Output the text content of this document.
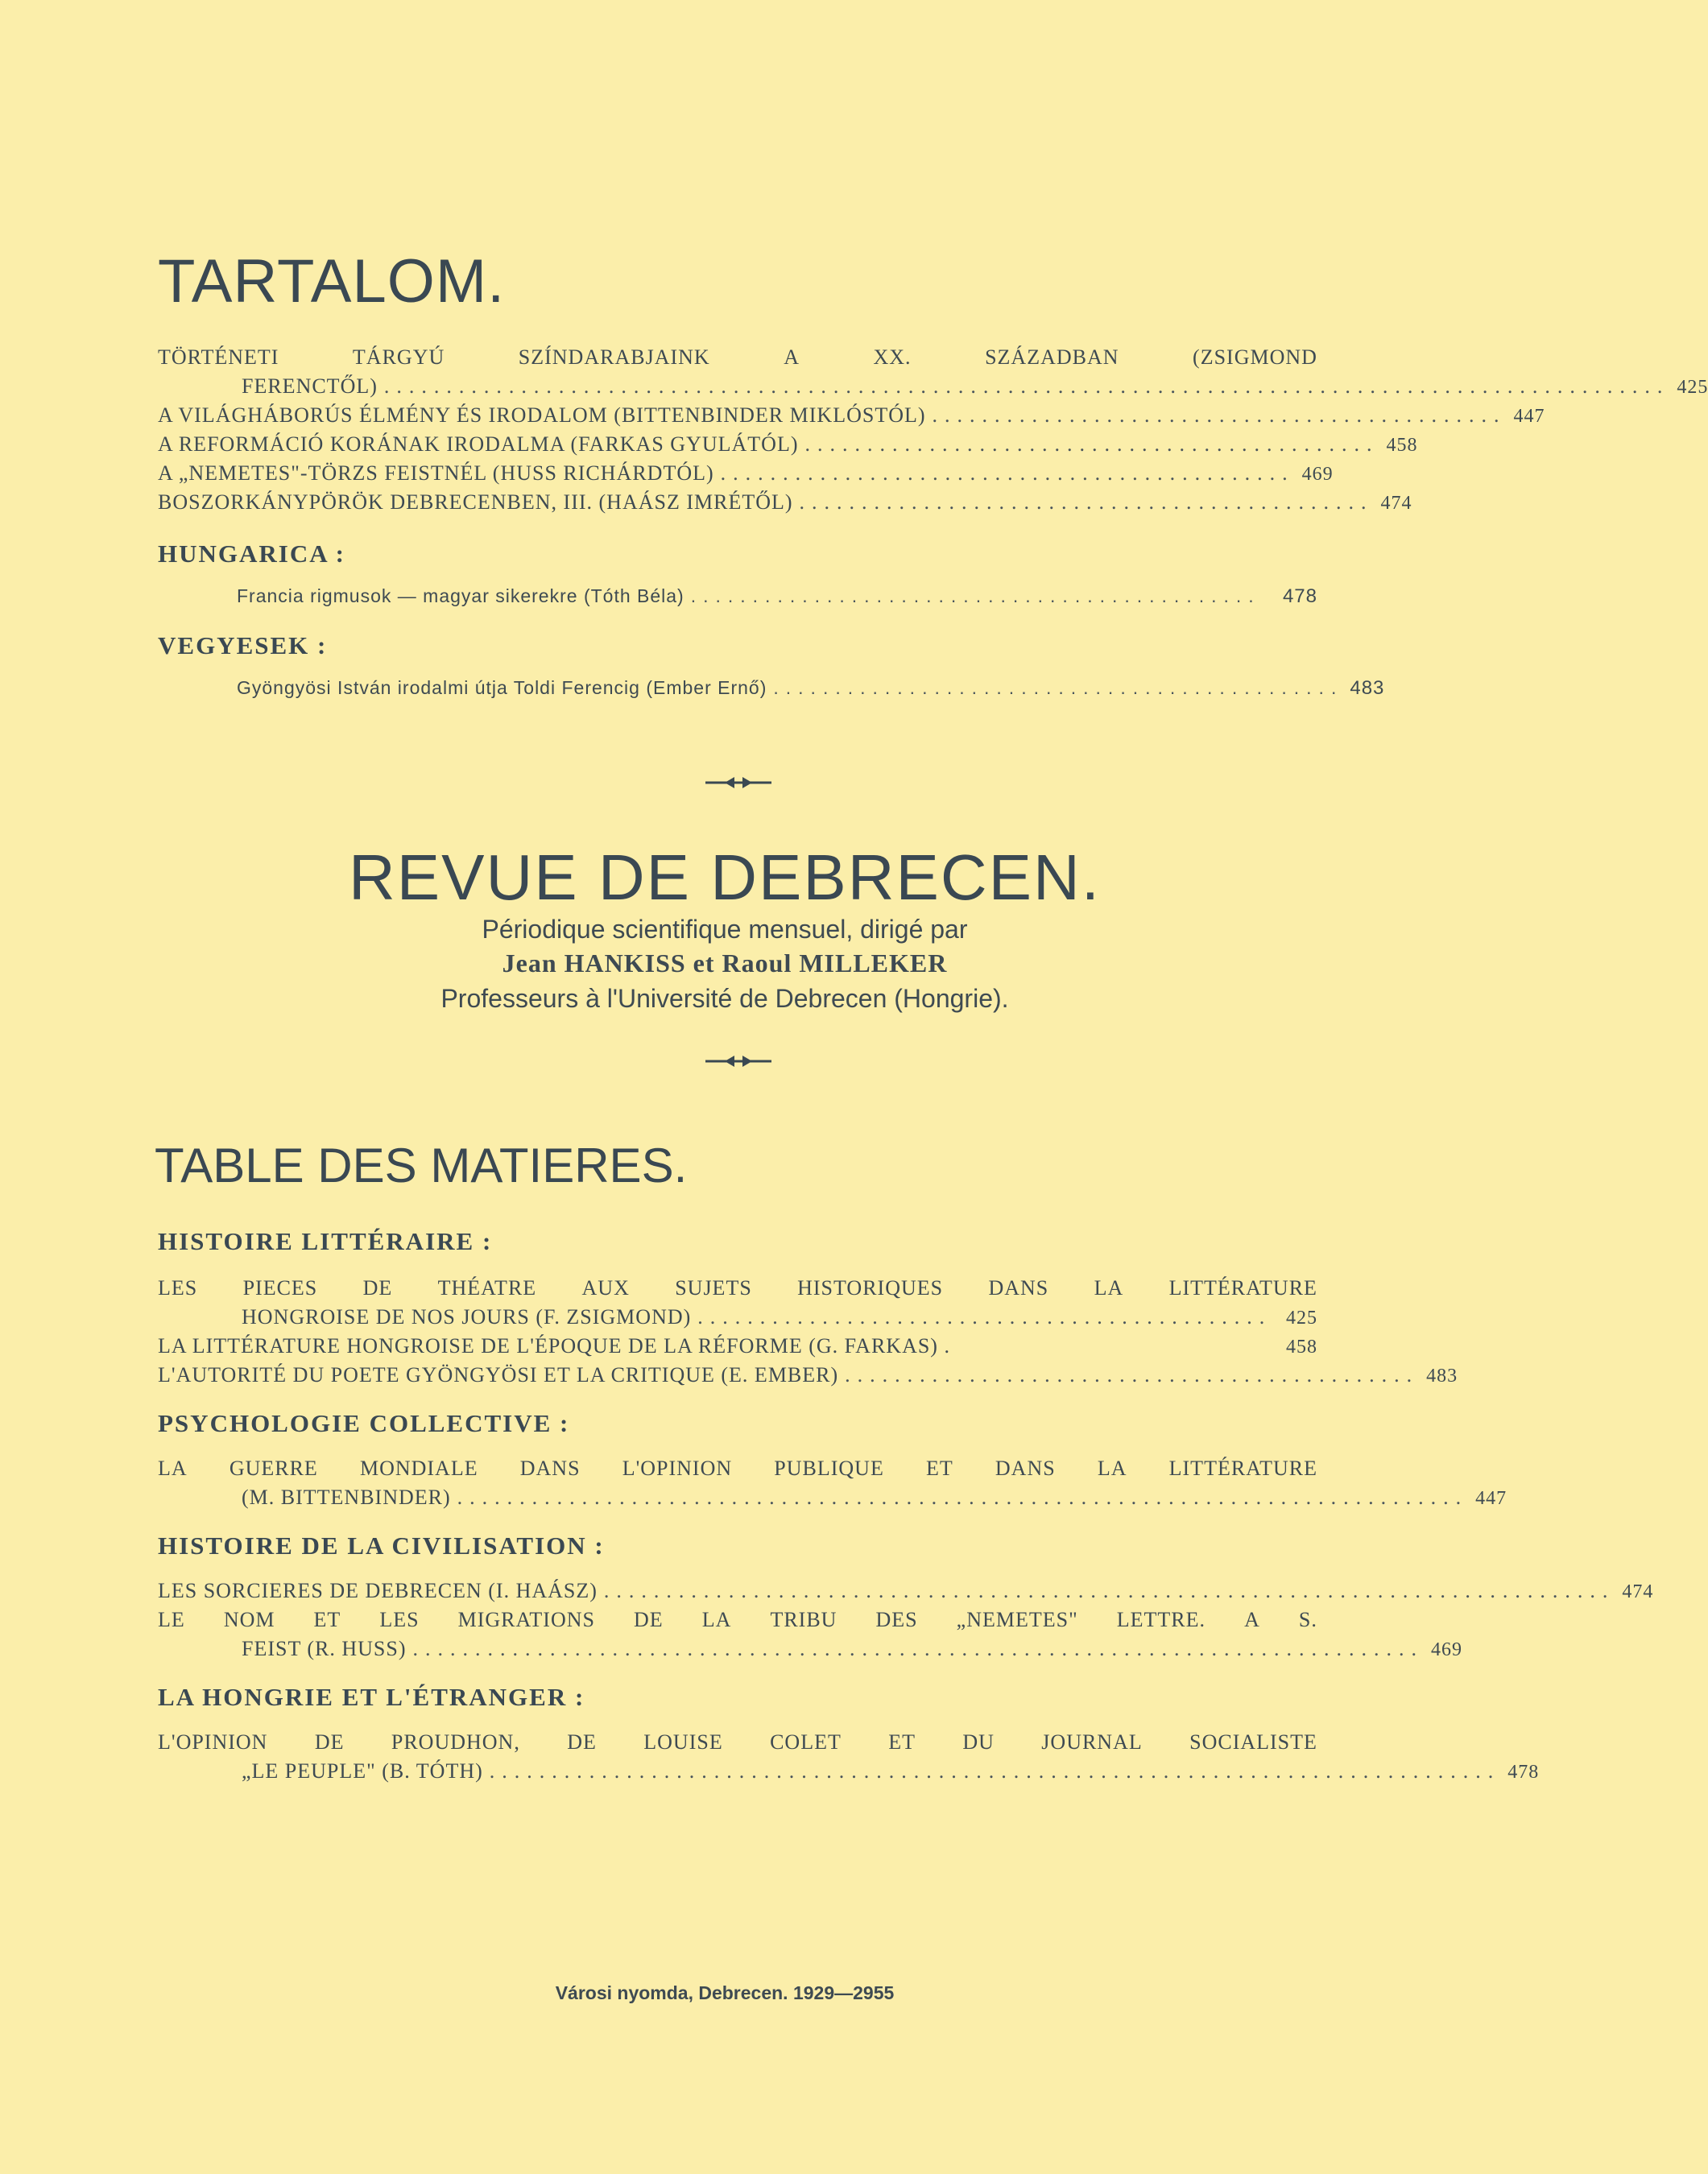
TARTALOM.
TÖRTÉNETI	TÁRGYÚ	SZÍNDARABJAINK	A	XX.	SZÁZADBAN	(ZSIGMOND
FERENCTŐL) ....................................................................................................... 425
A VILÁGHÁBORÚS ÉLMÉNY ÉS IRODALOM (BITTENBINDER MIKLÓSTÓL) .............................................. 447
A REFORMÁCIÓ KORÁNAK IRODALMA (FARKAS GYULÁTÓL) .............................................. 458
A „NEMETES"-TÖRZS FEISTNÉL (HUSS RICHÁRDTÓL) .............................................. 469
BOSZORKÁNYPÖRÖK DEBRECENBEN, III. (HAÁSZ IMRÉTŐL) .............................................. 474
HUNGARICA :
Francia rigmusok — magyar sikerekre (Tóth Béla) ..............................................	478
VEGYESEK :
Gyöngyösi István irodalmi útja Toldi Ferencig (Ember Ernő) .............................................. 483
REVUE DE DEBRECEN.
Périodique scientifique mensuel, dirigé par
Jean HANKISS et Raoul MILLEKER
Professeurs à l'Université de Debrecen (Hongrie).
TABLE DES MATIERES.
HISTOIRE LITTÉRAIRE :
LES PIECES DE THÉATRE AUX SUJETS HISTORIQUES DANS LA LITTÉRATURE
HONGROISE DE NOS JOURS (F. ZSIGMOND) .............................................. 425
LA LITTÉRATURE HONGROISE DE L'ÉPOQUE DE LA RÉFORME (G. FARKAS) .	458
L'AUTORITÉ DU POETE GYÖNGYÖSI ET LA CRITIQUE (E. EMBER) .............................................. 483
PSYCHOLOGIE COLLECTIVE :
LA GUERRE MONDIALE DANS L'OPINION PUBLIQUE ET DANS LA LITTÉRATURE
(M. BITTENBINDER) ................................................................................. 447
HISTOIRE DE LA CIVILISATION :
LES SORCIERES DE DEBRECEN (I. HAÁSZ) ................................................................................. 474
LE NOM ET LES MIGRATIONS DE LA TRIBU DES „NEMETES" LETTRE. A S.
FEIST (R. HUSS) ................................................................................. 469
LA HONGRIE ET L'ÉTRANGER :
L'OPINION DE PROUDHON, DE LOUISE COLET ET DU JOURNAL SOCIALISTE
„LE PEUPLE" (B. TÓTH) ................................................................................. 478
Városi nyomda, Debrecen. 1929—2955
